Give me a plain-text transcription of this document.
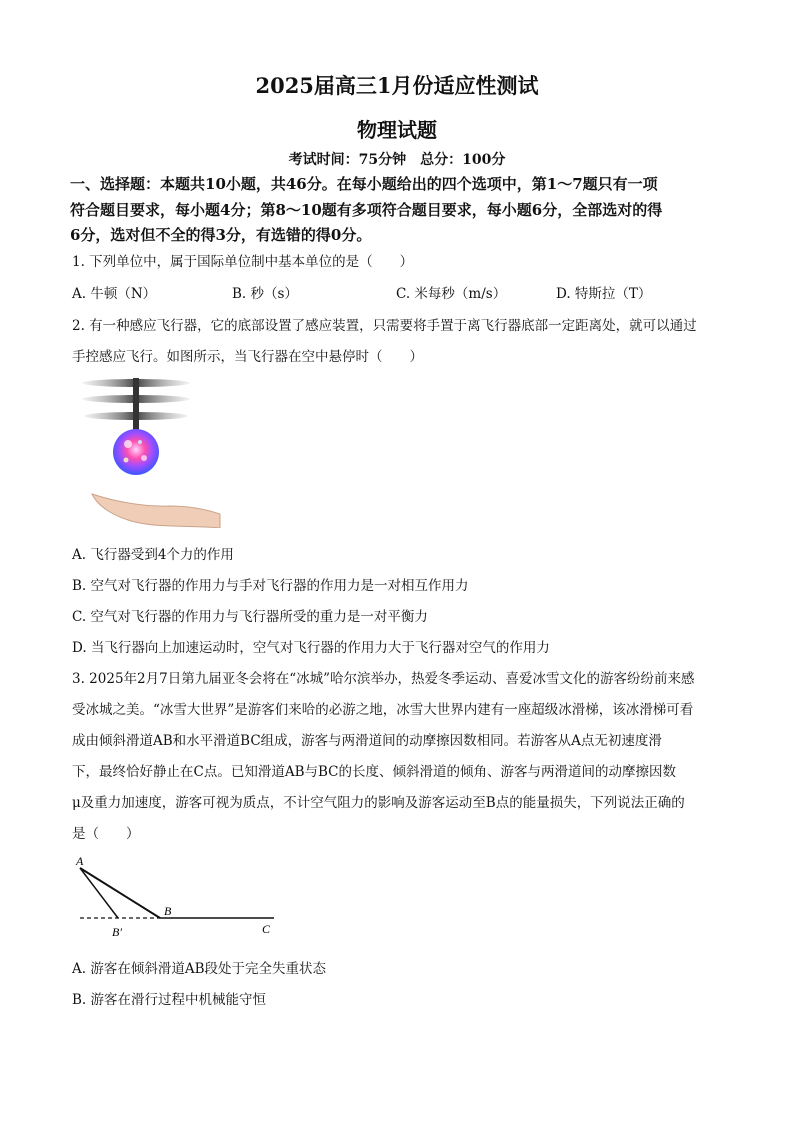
2025届高三1月份适应性测试
物理试题
考试时间：75分钟　总分：100分
一、选择题：本题共10小题，共46分。在每小题给出的四个选项中，第1～7题只有一项
符合题目要求，每小题4分；第8～10题有多项符合题目要求，每小题6分，全部选对的得
6分，选对但不全的得3分，有选错的得0分。
1. 下列单位中，属于国际单位制中基本单位的是（　　）
A. 牛顿（N）	B. 秒（s）	C. 米每秒（m/s）	D. 特斯拉（T）
2. 有一种感应飞行器，它的底部设置了感应装置，只需要将手置于离飞行器底部一定距离处，就可以通过
手控感应飞行。如图所示，当飞行器在空中悬停时（　　）
A. 飞行器受到4个力的作用
B. 空气对飞行器的作用力与手对飞行器的作用力是一对相互作用力
C. 空气对飞行器的作用力与飞行器所受的重力是一对平衡力
D. 当飞行器向上加速运动时，空气对飞行器的作用力大于飞行器对空气的作用力
3. 2025年2月7日第九届亚冬会将在“冰城”哈尔滨举办，热爱冬季运动、喜爱冰雪文化的游客纷纷前来感
受冰城之美。“冰雪大世界”是游客们来哈的必游之地，冰雪大世界内建有一座超级冰滑梯，该冰滑梯可看
成由倾斜滑道AB和水平滑道BC组成，游客与两滑道间的动摩擦因数相同。若游客从A点无初速度滑
下，最终恰好静止在C点。已知滑道AB与BC的长度、倾斜滑道的倾角、游客与两滑道间的动摩擦因数
μ及重力加速度，游客可视为质点，不计空气阻力的影响及游客运动至B点的能量损失，下列说法正确的
是（　　）
A
B
B′	C
A. 游客在倾斜滑道AB段处于完全失重状态
B. 游客在滑行过程中机械能守恒
